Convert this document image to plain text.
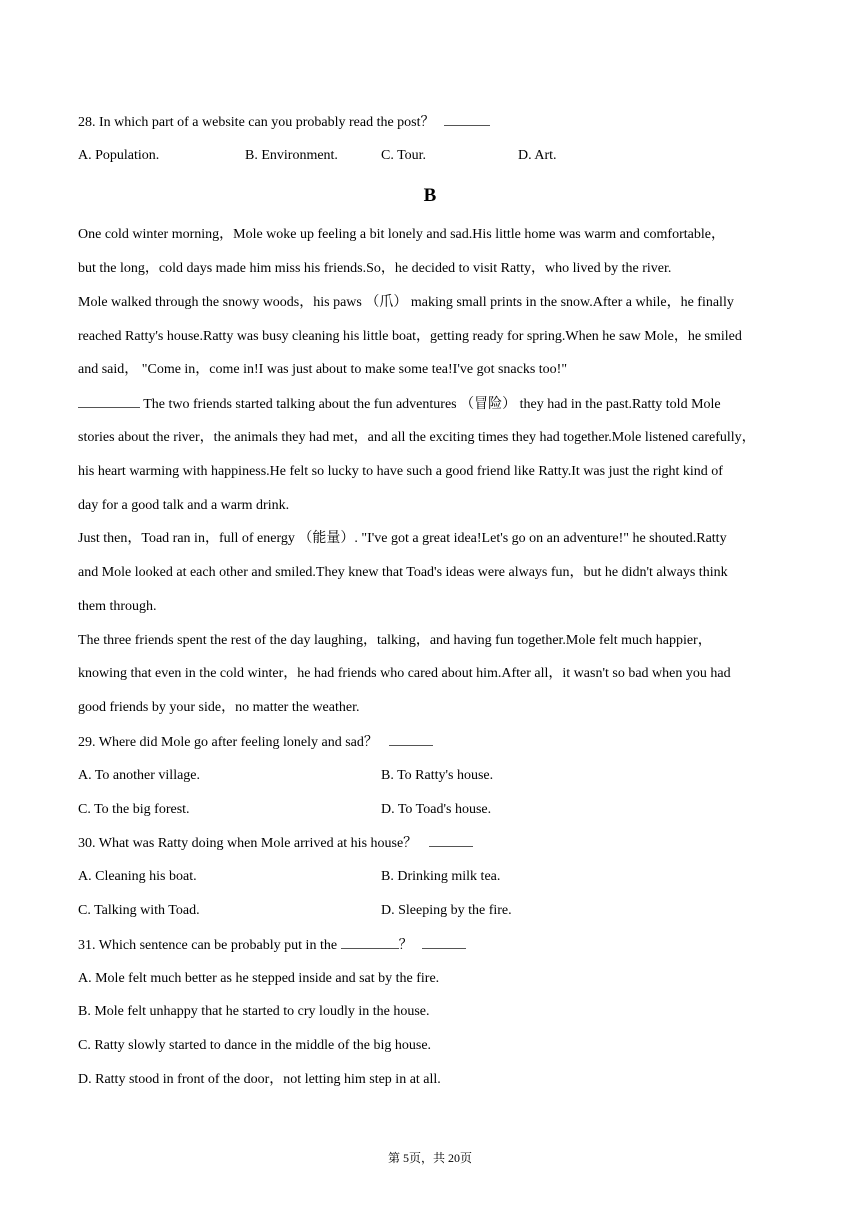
28. In which part of a website can you probably read the post？
A. Population.	B. Environment.	C. Tour.	D. Art.
B
One cold winter morning，Mole woke up feeling a bit lonely and sad.His little home was warm and comfortable，
but the long，cold days made him miss his friends.So，he decided to visit Ratty，who lived by the river.
Mole walked through the snowy woods，his paws （爪） making small prints in the snow.After a while，he finally
reached Ratty's house.Ratty was busy cleaning his little boat，getting ready for spring.When he saw Mole，he smiled
and said， "Come in，come in!I was just about to make some tea!I've got snacks too!"
The two friends started talking about the fun adventures （冒险） they had in the past.Ratty told Mole
stories about the river，the animals they had met，and all the exciting times they had together.Mole listened carefully，
his heart warming with happiness.He felt so lucky to have such a good friend like Ratty.It was just the right kind of
day for a good talk and a warm drink.
Just then，Toad ran in，full of energy （能量）. "I've got a great idea!Let's go on an adventure!" he shouted.Ratty
and Mole looked at each other and smiled.They knew that Toad's ideas were always fun，but he didn't always think
them through.
The three friends spent the rest of the day laughing，talking，and having fun together.Mole felt much happier，
knowing that even in the cold winter，he had friends who cared about him.After all，it wasn't so bad when you had
good friends by your side，no matter the weather.
29. Where did Mole go after feeling lonely and sad？
A. To another village.	B. To Ratty's house.
C. To the big forest.	D. To Toad's house.
30. What was Ratty doing when Mole arrived at his house？
A. Cleaning his boat.	B. Drinking milk tea.
C. Talking with Toad.	D. Sleeping by the fire.
31. Which sentence can be probably put in the	？
A. Mole felt much better as he stepped inside and sat by the fire.
B. Mole felt unhappy that he started to cry loudly in the house.
C. Ratty slowly started to dance in the middle of the big house.
D. Ratty stood in front of the door，not letting him step in at all.
第 5页，共 20页
